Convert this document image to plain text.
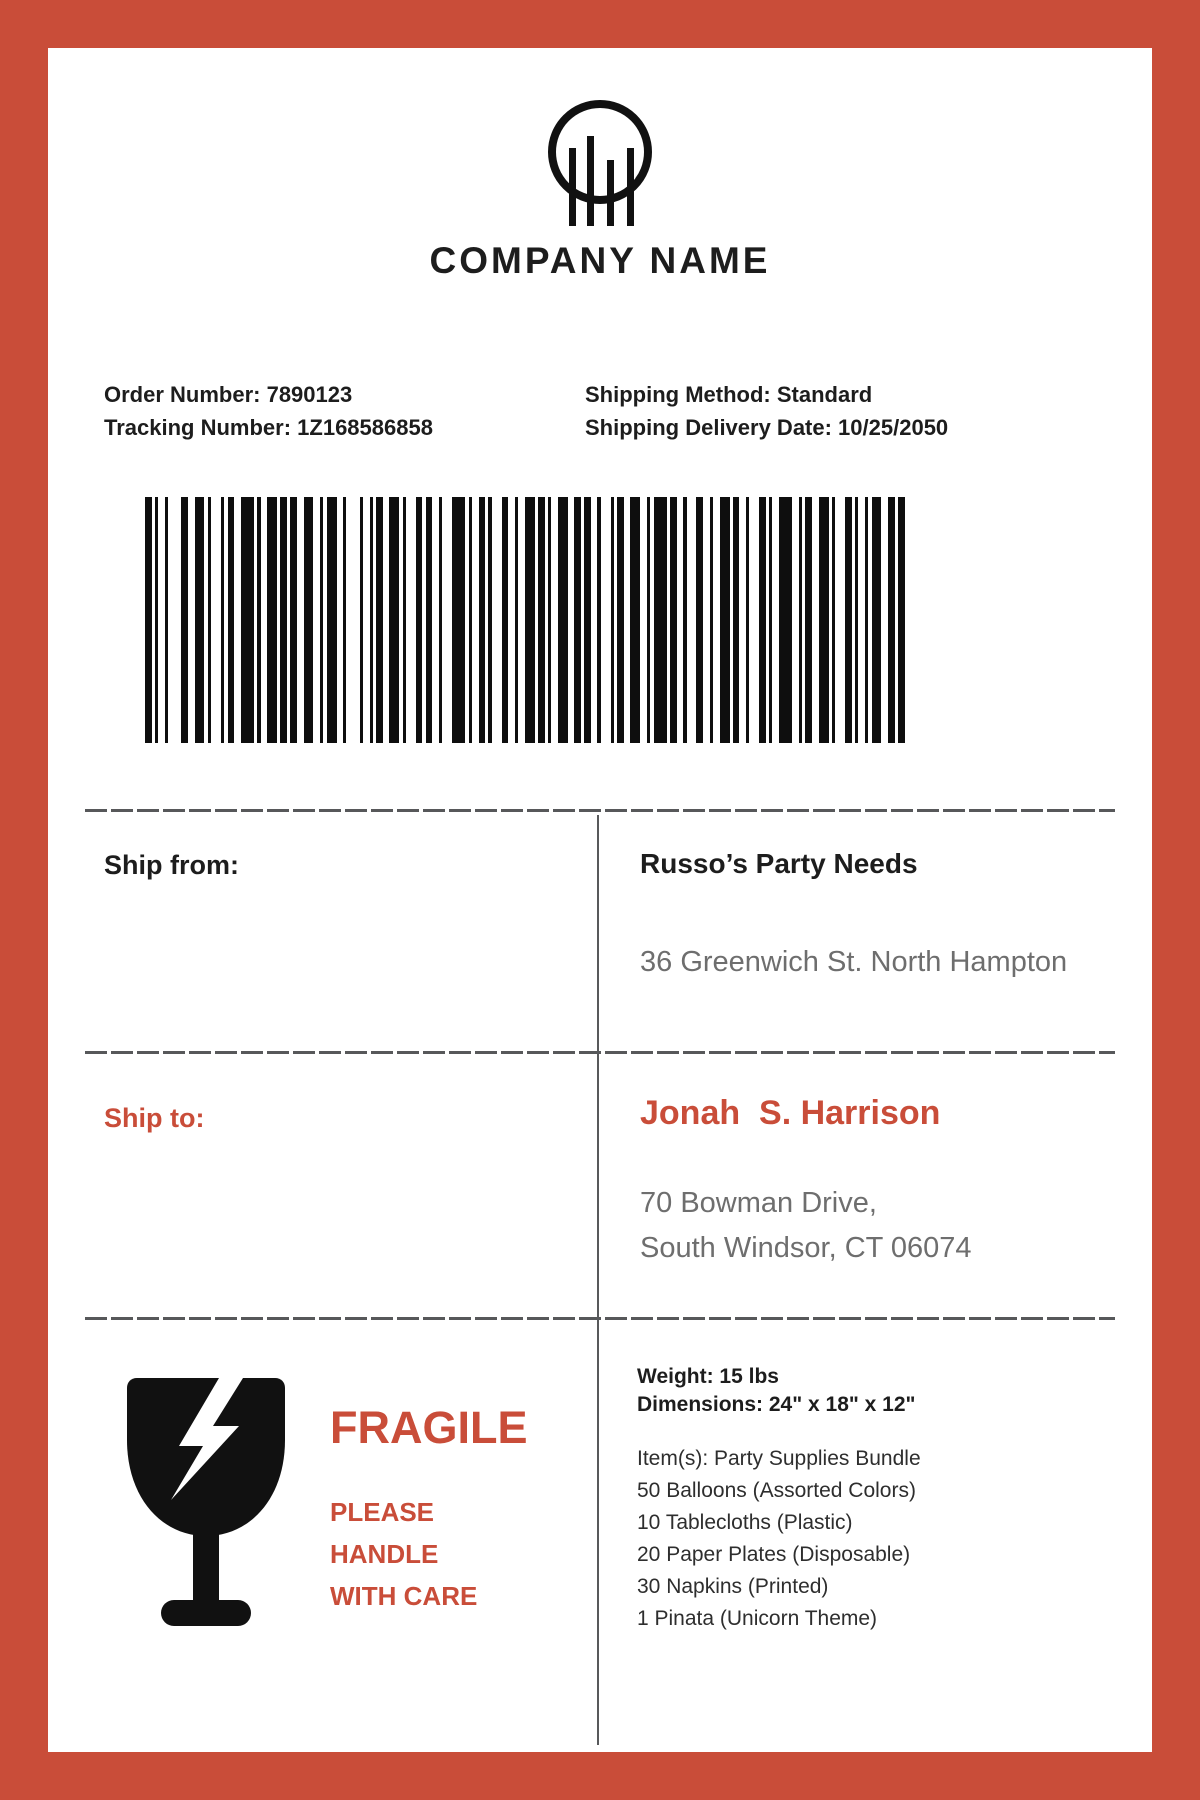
COMPANY NAME
Order Number: 7890123
Tracking Number: 1Z168586858
Shipping Method: Standard
Shipping Delivery Date: 10/25/2050
Ship from:	Russo’s Party Needs
36 Greenwich St. North Hampton
Ship to:	Jonah  S. Harrison
70 Bowman Drive,
South Windsor, CT 06074
FRAGILE
PLEASE
HANDLE
WITH CARE
Weight: 15 lbs
Dimensions: 24" x 18" x 12"
Item(s): Party Supplies Bundle
50 Balloons (Assorted Colors)
10 Tablecloths (Plastic)
20 Paper Plates (Disposable)
30 Napkins (Printed)
1 Pinata (Unicorn Theme)
